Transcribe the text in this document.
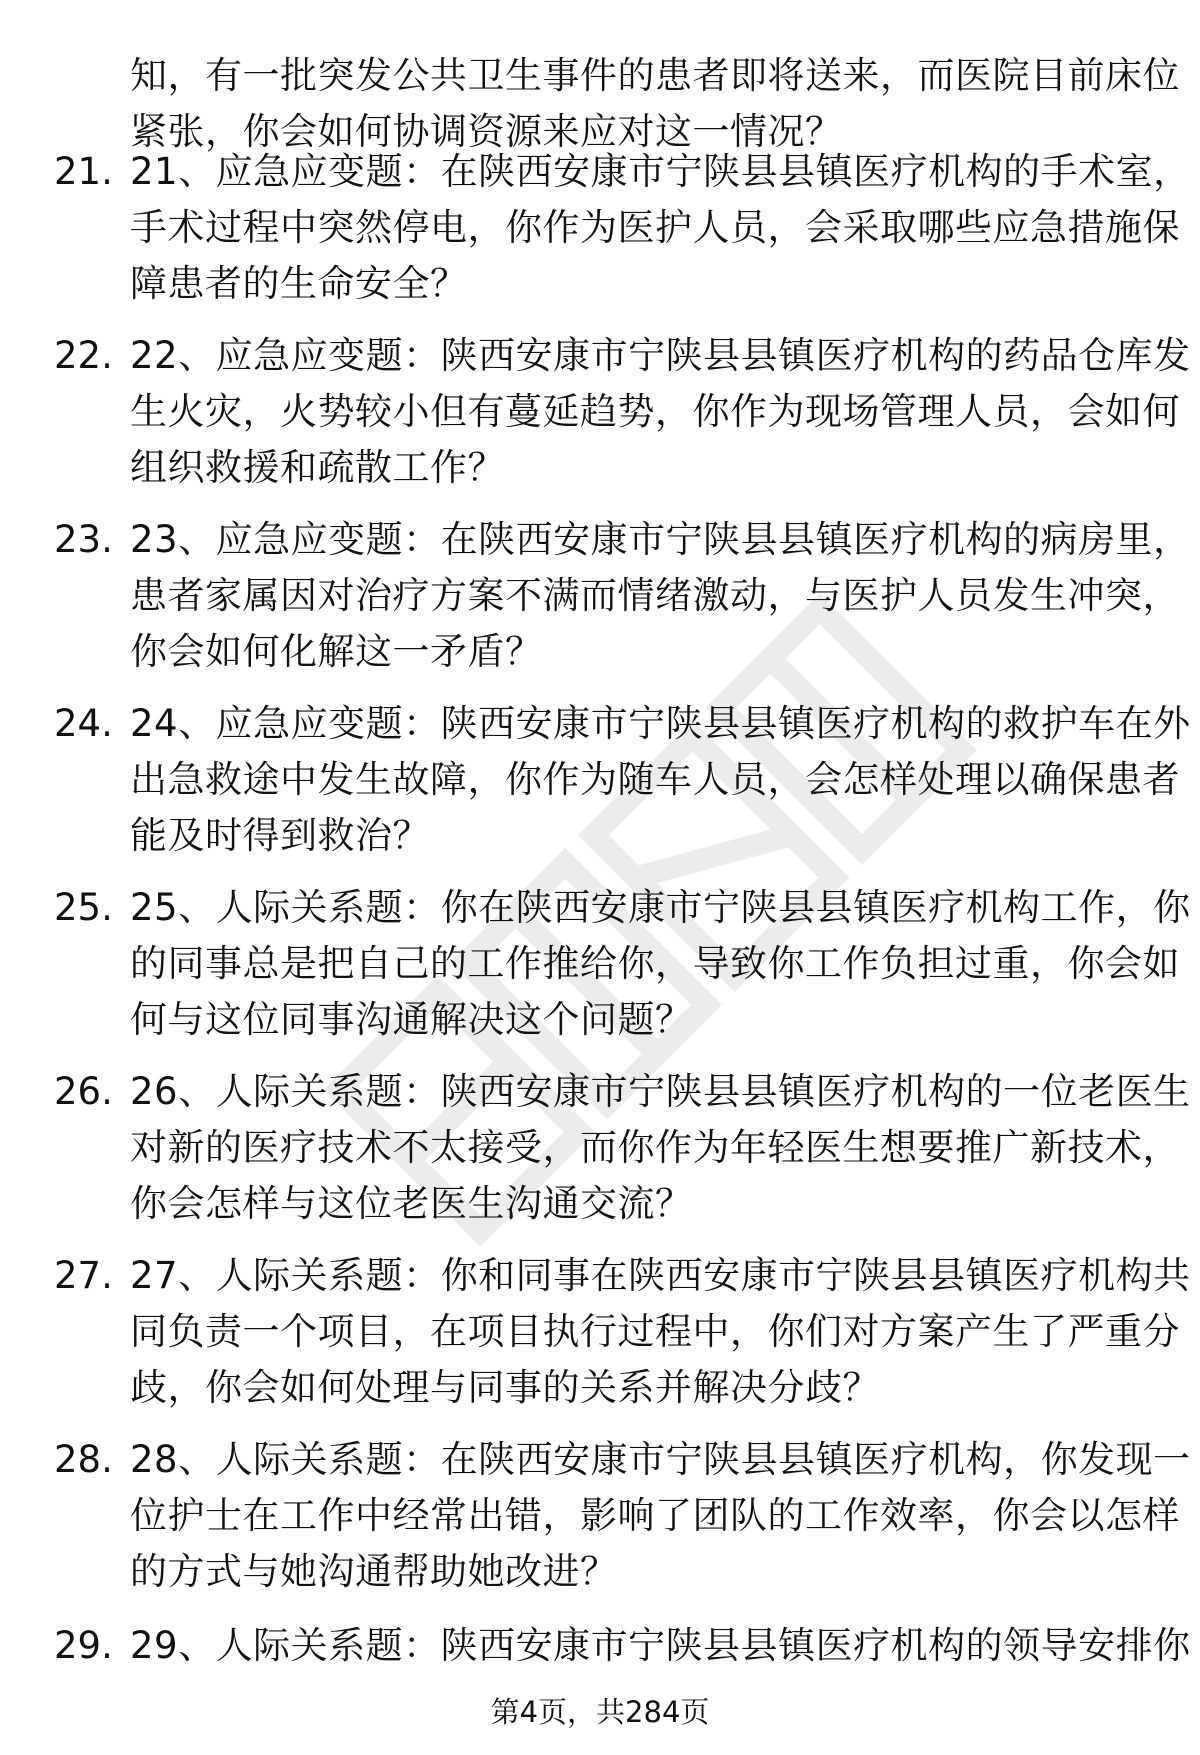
知，有一批突发公共卫生事件的患者即将送来，而医院目前床位
紧张，你会如何协调资源来应对这一情况？
21. 21、应急应变题：在陕西安康市宁陕县县镇医疗机构的手术室，
手术过程中突然停电，你作为医护人员，会采取哪些应急措施保
障患者的生命安全？
22. 22、应急应变题：陕西安康市宁陕县县镇医疗机构的药品仓库发
生火灾，火势较小但有蔓延趋势，你作为现场管理人员，会如何
组织救援和疏散工作？
23. 23、应急应变题：在陕西安康市宁陕县县镇医疗机构的病房里，
患者家属因对治疗方案不满而情绪激动，与医护人员发生冲突，
你会如何化解这一矛盾？
24. 24、应急应变题：陕西安康市宁陕县县镇医疗机构的救护车在外
出急救途中发生故障，你作为随车人员，会怎样处理以确保患者
能及时得到救治？
25. 25、人际关系题：你在陕西安康市宁陕县县镇医疗机构工作，你
的同事总是把自己的工作推给你，导致你工作负担过重，你会如
何与这位同事沟通解决这个问题？
26. 26、人际关系题：陕西安康市宁陕县县镇医疗机构的一位老医生
对新的医疗技术不太接受，而你作为年轻医生想要推广新技术，
你会怎样与这位老医生沟通交流？
27. 27、人际关系题：你和同事在陕西安康市宁陕县县镇医疗机构共
同负责一个项目，在项目执行过程中，你们对方案产生了严重分
歧，你会如何处理与同事的关系并解决分歧？
28. 28、人际关系题：在陕西安康市宁陕县县镇医疗机构，你发现一
位护士在工作中经常出错，影响了团队的工作效率，你会以怎样
的方式与她沟通帮助她改进？
29. 29、人际关系题：陕西安康市宁陕县县镇医疗机构的领导安排你
第4页，共284页
